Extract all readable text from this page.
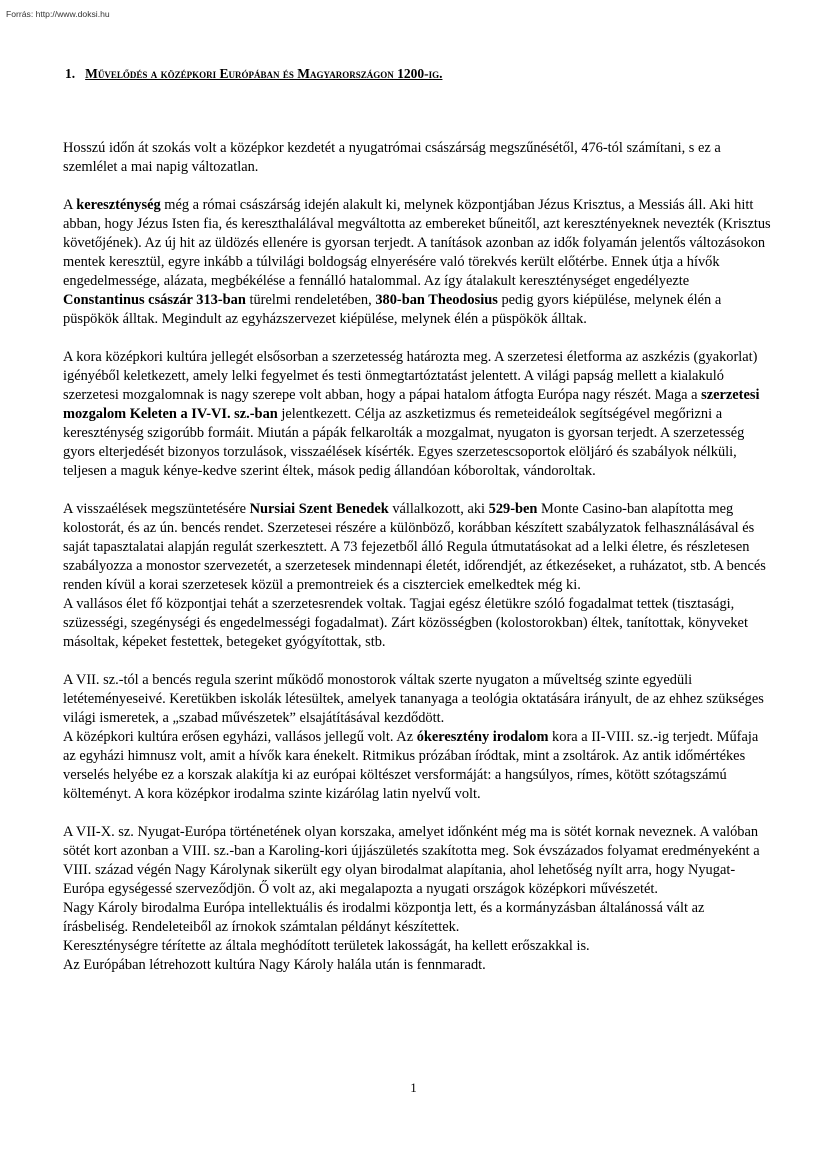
Forrás: http://www.doksi.hu
1. Művelődés a középkori Európában és Magyarországon 1200-ig.

Hosszú időn át szokás volt a középkor kezdetét a nyugatrómai császárság megszűnésétől, 476-tól számítani, s ez a szemlélet a mai napig változatlan.

A kereszténység még a római császárság idején alakult ki, melynek központjában Jézus Krisztus, a Messiás áll. Aki hitt abban, hogy Jézus Isten fia, és kereszthalálával megváltotta az embereket bűneitől, azt keresztényeknek nevezték (Krisztus követőjének). Az új hit az üldözés ellenére is gyorsan terjedt. A tanítások azonban az idők folyamán jelentős változásokon mentek keresztül, egyre inkább a túlvilági boldogság elnyerésére való törekvés került előtérbe. Ennek útja a hívők engedelmessége, alázata, megbékélése a fennálló hatalommal. Az így átalakult kereszténységet engedélyezte Constantinus császár 313-ban türelmi rendeletében, 380-ban Theodosius pedig gyors kiépülése, melynek élén a püspökök álltak. Megindult az egyházszervezet kiépülése, melynek élén a püspökök álltak.

A kora középkori kultúra jellegét elsősorban a szerzetesség határozta meg. A szerzetesi életforma az aszkézis (gyakorlat) igényéből keletkezett, amely lelki fegyelmet és testi önmegtartóztatást jelentett. A világi papság mellett a kialakuló szerzetesi mozgalomnak is nagy szerepe volt abban, hogy a pápai hatalom átfogta Európa nagy részét. Maga a szerzetesi mozgalom Keleten a IV-VI. sz.-ban jelentkezett. Célja az aszketizmus és remeteideálok segítségével megőrizni a kereszténység szigorúbb formáit. Miután a pápák felkarolták a mozgalmat, nyugaton is gyorsan terjedt. A szerzetesség gyors elterjedését bizonyos torzulások, visszaélések kísérték. Egyes szerzetescsoportok elöljáró és szabályok nélküli, teljesen a maguk kénye-kedve szerint éltek, mások pedig állandóan kóboroltak, vándoroltak.

A visszaélések megszüntetésére Nursiai Szent Benedek vállalkozott, aki 529-ben Monte Casino-ban alapította meg kolostorát, és az ún. bencés rendet. Szerzetesei részére a különböző, korábban készített szabályzatok felhasználásával és saját tapasztalatai alapján regulát szerkesztett. A 73 fejezetből álló Regula útmutatásokat ad a lelki életre, és részletesen szabályozza a monostor szervezetét, a szerzetesek mindennapi életét, időrendjét, az étkezéseket, a ruházatot, stb. A bencés renden kívül a korai szerzetesek közül a premontreiek és a ciszterciek emelkedtek még ki.

A vallásos élet fő központjai tehát a szerzetesrendek voltak. Tagjai egész életükre szóló fogadalmat tettek (tisztasági, szüzességi, szegénységi és engedelmességi fogadalmat). Zárt közösségben (kolostorokban) éltek, tanítottak, könyveket másoltak, képeket festettek, betegeket gyógyítottak, stb.

A VII. sz.-tól a bencés regula szerint működő monostorok váltak szerte nyugaton a műveltség szinte egyedüli letéteményeseivé. Keretükben iskolák létesültek, amelyek tananyaga a teológia oktatására irányult, de az ehhez szükséges világi ismeretek, a „szabad művészetek” elsajátításával kezdődött.

A középkori kultúra erősen egyházi, vallásos jellegű volt. Az ókeresztény irodalom kora a II-VIII. sz.-ig terjedt. Műfaja az egyházi himnusz volt, amit a hívők kara énekelt. Ritmikus prózában íródtak, mint a zsoltárok. Az antik időmértékes verselés helyébe ez a korszak alakítja ki az európai költészet versformáját: a hangsúlyos, rímes, kötött szótagszámú költeményt. A kora középkor irodalma szinte kizárólag latin nyelvű volt.

A VII-X. sz. Nyugat-Európa történetének olyan korszaka, amelyet időnként még ma is sötét kornak neveznek. A valóban sötét kort azonban a VIII. sz.-ban a Karoling-kori újjászületés szakította meg. Sok évszázados folyamat eredményeként a VIII. század végén Nagy Károlynak sikerült egy olyan birodalmat alapítania, ahol lehetőség nyílt arra, hogy Nyugat-Európa egységessé szerveződjön. Ő volt az, aki megalapozta a nyugati országok középkori művészetét.

Nagy Károly birodalma Európa intellektuális és irodalmi központja lett, és a kormányzásban általánossá vált az írásbeliség. Rendeleteiből az írnokok számtalan példányt készítettek.

Kereszténységre térítette az általa meghódított területek lakosságát, ha kellett erőszakkal is.

Az Európában létrehozott kultúra Nagy Károly halála után is fennmaradt.

1
